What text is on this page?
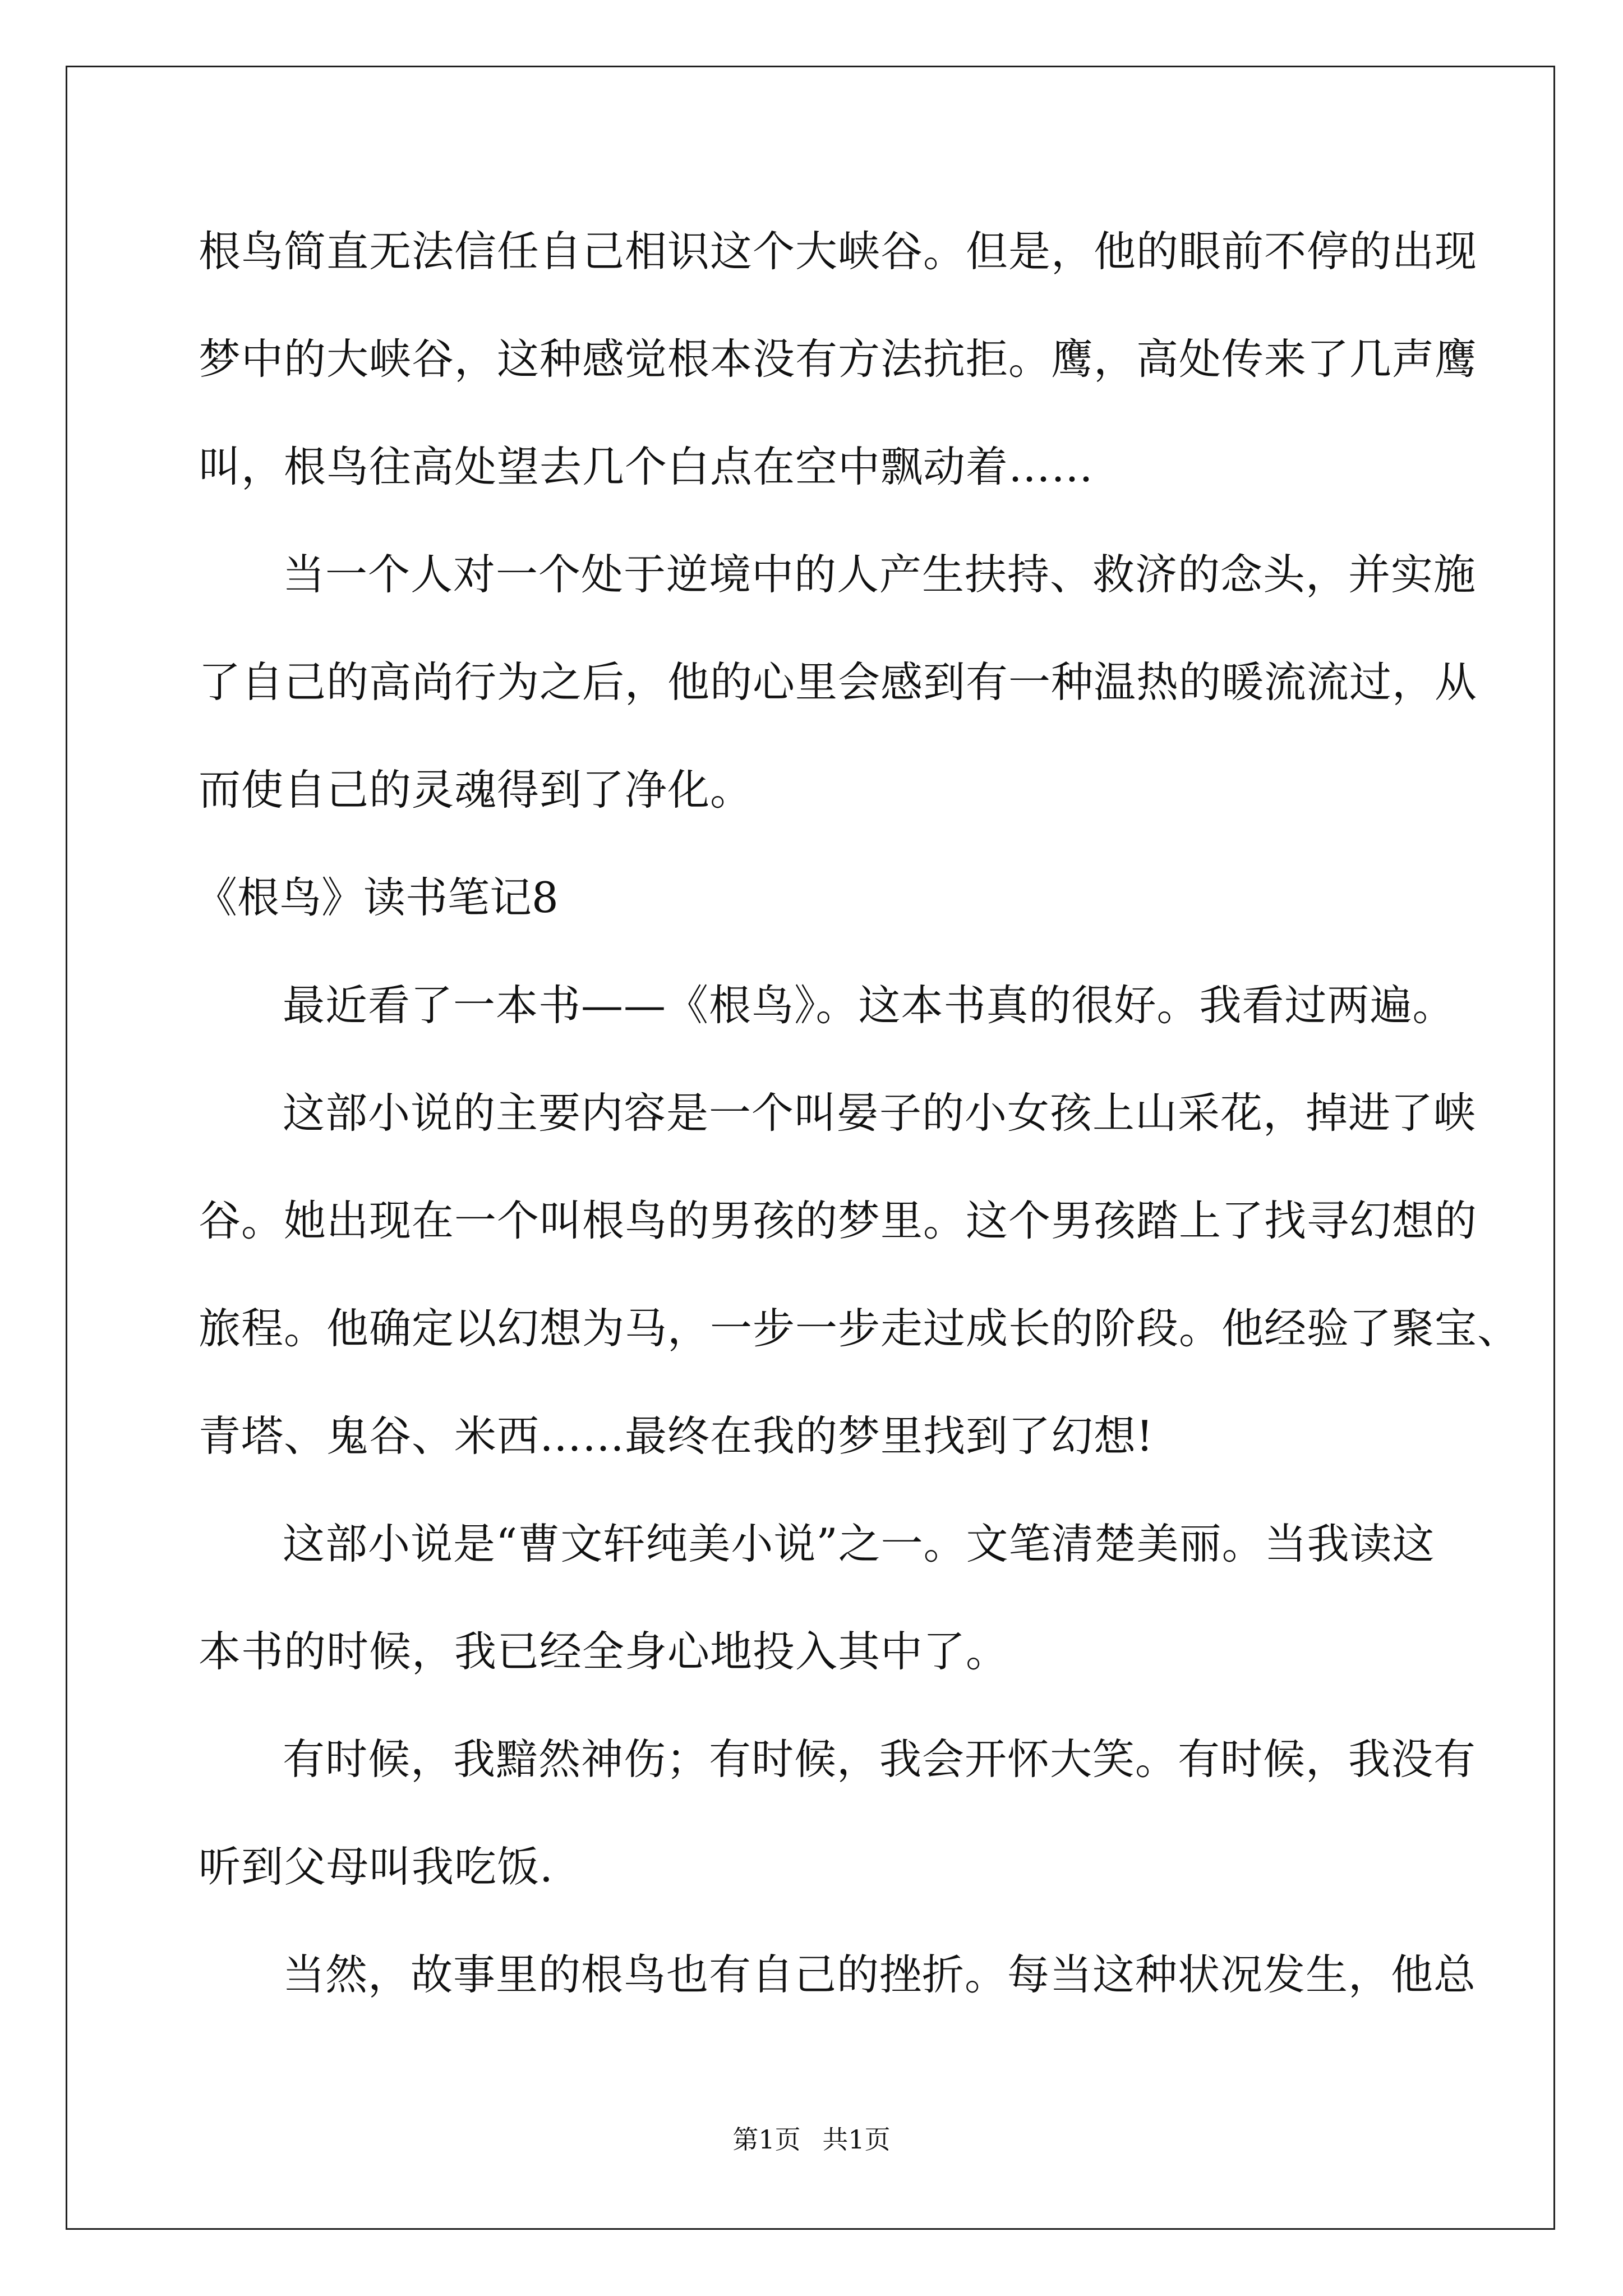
根鸟简直无法信任自己相识这个大峡谷。但是，他的眼前不停的出现
梦中的大峡谷，这种感觉根本没有方法抗拒。鹰，高处传来了几声鹰
叫，根鸟往高处望去几个白点在空中飘动着……
当一个人对一个处于逆境中的人产生扶持、救济的念头，并实施
了自己的高尚行为之后，他的心里会感到有一种温热的暖流流过，从
而使自己的灵魂得到了净化。
《根鸟》读书笔记8
最近看了一本书——《根鸟》。这本书真的很好。我看过两遍。
这部小说的主要内容是一个叫晏子的小女孩上山采花，掉进了峡
谷。她出现在一个叫根鸟的男孩的梦里。这个男孩踏上了找寻幻想的
旅程。他确定以幻想为马，一步一步走过成长的阶段。他经验了聚宝、
青塔、鬼谷、米西……最终在我的梦里找到了幻想!
这部小说是“曹文轩纯美小说”之一。文笔清楚美丽。当我读这
本书的时候，我已经全身心地投入其中了。
有时候，我黯然神伤；有时候，我会开怀大笑。有时候，我没有
听到父母叫我吃饭.
当然，故事里的根鸟也有自己的挫折。每当这种状况发生，他总
第1页 共1页
